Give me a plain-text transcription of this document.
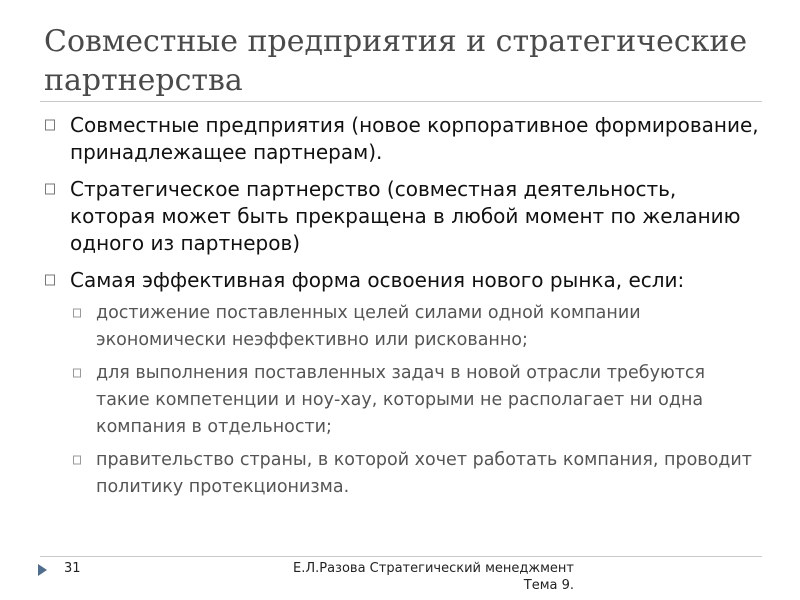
Совместные предприятия и стратегические партнерства
Совместные предприятия (новое корпоративное формирование, принадлежащее партнерам).
Стратегическое партнерство (совместная деятельность, которая может быть прекращена в любой момент по желанию одного из партнеров)
Самая эффективная форма освоения нового рынка, если:
достижение поставленных целей силами одной компании экономически неэффективно или рискованно;
для выполнения поставленных задач в новой отрасли требуются такие компетенции и ноу-хау, которыми не располагает ни одна компания в отдельности;
правительство страны, в которой хочет работать компания, проводит политику протекционизма.
31	Е.Л.Разова Стратегический менеджмент
Тема 9.
